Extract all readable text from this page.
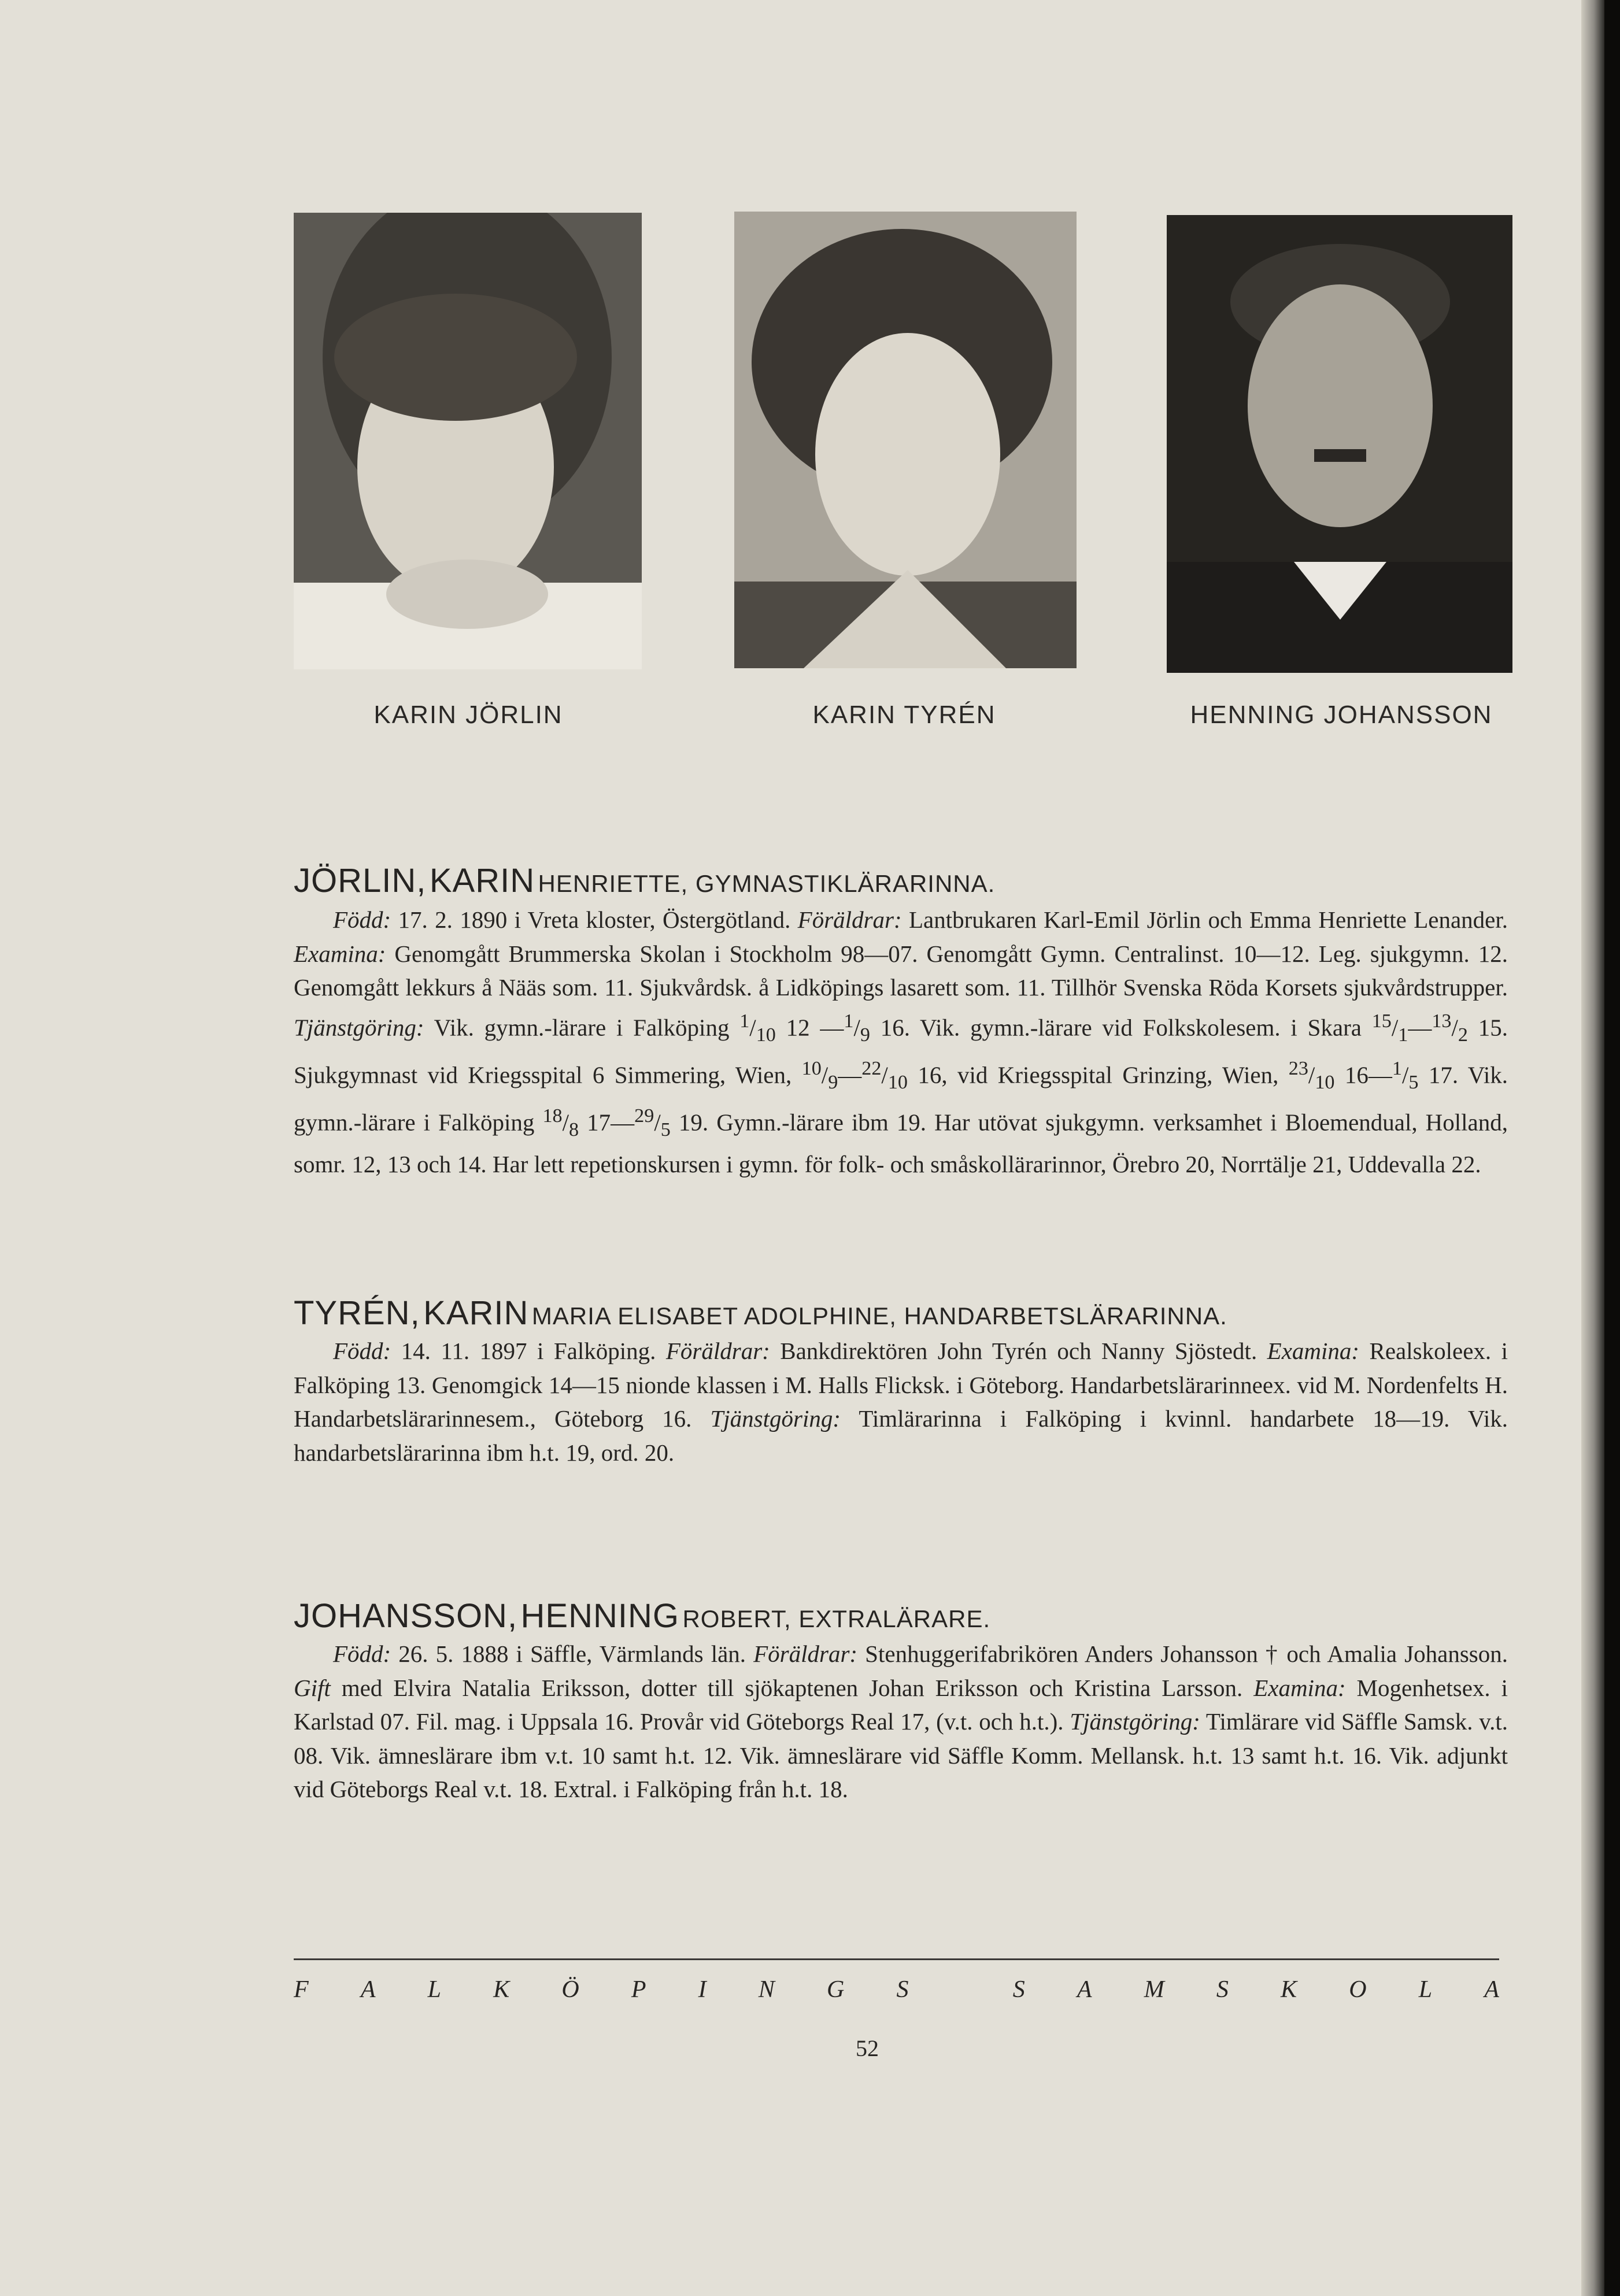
KARIN JÖRLIN	KARIN TYRÉN	HENNING JOHANSSON
JÖRLIN, KARIN HENRIETTE, GYMNASTIKLÄRARINNA.
Född: 17. 2. 1890 i Vreta kloster, Östergötland. Föräldrar: Lantbrukaren Karl-Emil Jörlin och Emma Henriette Lenander. Examina: Genomgått Brummerska Skolan i Stockholm 98—07. Genomgått Gymn. Centralinst. 10—12. Leg. sjukgymn. 12. Genomgått lekkurs å Nääs som. 11. Sjukvårdsk. å Lidköpings lasarett som. 11. Tillhör Svenska Röda Korsets sjukvårdstrupper. Tjänstgöring: Vik. gymn.-lärare i Falköping $^1/_{10}$ 12 $—^1/_9$ 16. Vik. gymn.-lärare vid Folkskolesem. i Skara $^{15}/_1—^{13}/_2$ 15. Sjukgymnast vid Kriegsspital 6 Simmering, Wien, $^{10}/_9—^{22}/_{10}$ 16, vid Kriegsspital Grinzing, Wien, $^{23}/_{10}$ $16—^1/_5$ 17. Vik. gymn.-lärare i Falköping $^{18}/_8$ $17—^{29}/_5$ 19. Gymn.-lärare ibm 19. Har utövat sjukgymn. verksamhet i Bloemendual, Holland, somr. 12, 13 och 14. Har lett repetionskursen i gymn. för folk- och småskollärarinnor, Örebro 20, Norrtälje 21, Uddevalla 22.
TYRÉN, KARIN MARIA ELISABET ADOLPHINE, HANDARBETSLÄRARINNA.
Född: 14. 11. 1897 i Falköping. Föräldrar: Bankdirektören John Tyrén och Nanny Sjöstedt. Examina: Realskoleex. i Falköping 13. Genomgick 14—15 nionde klassen i M. Halls Flicksk. i Göteborg. Handarbetslärarinneex. vid M. Nordenfelts H. Handarbetslärarinnesem., Göteborg 16. Tjänstgöring: Timlärarinna i Falköping i kvinnl. handarbete 18—19. Vik. handarbetslärarinna ibm h.t. 19, ord. 20.
JOHANSSON, HENNING ROBERT, EXTRALÄRARE.
Född: 26. 5. 1888 i Säffle, Värmlands län. Föräldrar: Stenhuggerifabrikören Anders Johansson † och Amalia Johansson. Gift med Elvira Natalia Eriksson, dotter till sjökaptenen Johan Eriksson och Kristina Larsson. Examina: Mogenhetsex. i Karlstad 07. Fil. mag. i Uppsala 16. Provår vid Göteborgs Real 17, (v.t. och h.t.). Tjänstgöring: Timlärare vid Säffle Samsk. v.t. 08. Vik. ämneslärare ibm v.t. 10 samt h.t. 12. Vik. ämneslärare vid Säffle Komm. Mellansk. h.t. 13 samt h.t. 16. Vik. adjunkt vid Göteborgs Real v.t. 18. Extral. i Falköping från h.t. 18.
F A L K Ö P I N G S	S A M S K O L A
52
